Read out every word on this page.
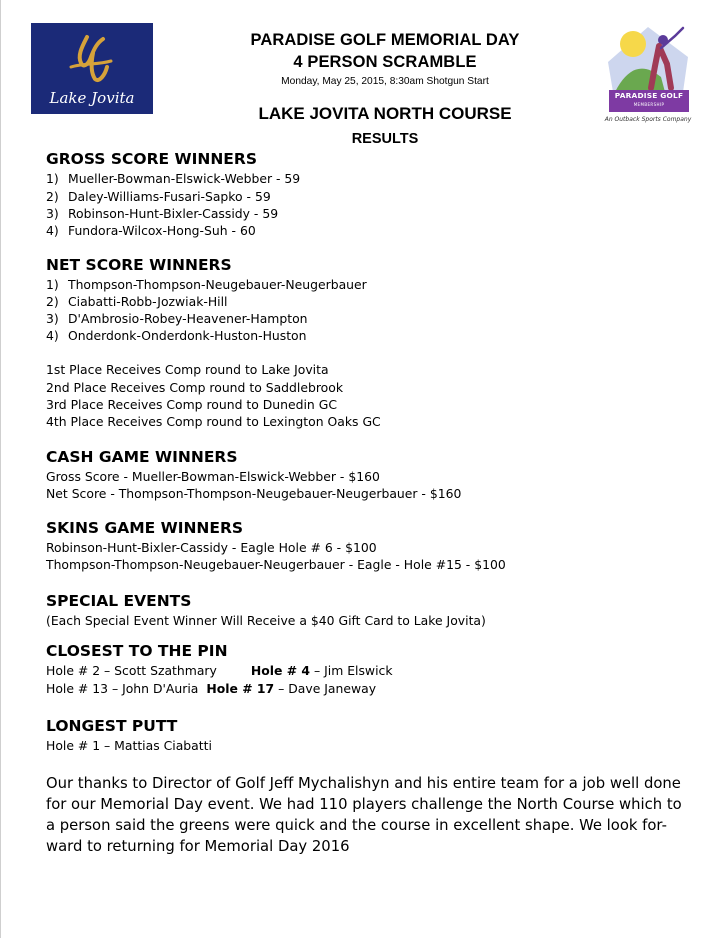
Lake Jovita	PARADISE GOLF
MEMBERSHIP
An Outback Sports Company
PARADISE GOLF MEMORIAL DAY
4 PERSON SCRAMBLE
Monday, May 25, 2015, 8:30am Shotgun Start
LAKE JOVITA NORTH COURSE
RESULTS
GROSS SCORE WINNERS
1) Mueller-Bowman-Elswick-Webber - 59
2) Daley-Williams-Fusari-Sapko - 59
3) Robinson-Hunt-Bixler-Cassidy - 59
4) Fundora-Wilcox-Hong-Suh - 60
NET SCORE WINNERS
1) Thompson-Thompson-Neugebauer-Neugerbauer
2) Ciabatti-Robb-Jozwiak-Hill
3) D'Ambrosio-Robey-Heavener-Hampton
4) Onderdonk-Onderdonk-Huston-Huston
1st Place Receives Comp round to Lake Jovita
2nd Place Receives Comp round to Saddlebrook
3rd Place Receives Comp round to Dunedin GC
4th Place Receives Comp round to Lexington Oaks GC
CASH GAME WINNERS
Gross Score - Mueller-Bowman-Elswick-Webber - $160
Net Score - Thompson-Thompson-Neugebauer-Neugerbauer - $160
SKINS GAME WINNERS
Robinson-Hunt-Bixler-Cassidy - Eagle Hole # 6 - $100
Thompson-Thompson-Neugebauer-Neugerbauer - Eagle - Hole #15 - $100
SPECIAL EVENTS
(Each Special Event Winner Will Receive a $40 Gift Card to Lake Jovita)
CLOSEST TO THE PIN
Hole # 2 – Scott Szathmary	Hole # 4 – Jim Elswick
Hole # 13 – John D'Auria Hole # 17 – Dave Janeway
LONGEST PUTT
Hole # 1 – Mattias Ciabatti
Our thanks to Director of Golf Jeff Mychalishyn and his entire team for a job well done
for our Memorial Day event. We had 110 players challenge the North Course which to
a person said the greens were quick and the course in excellent shape. We look for-
ward to returning for Memorial Day 2016
